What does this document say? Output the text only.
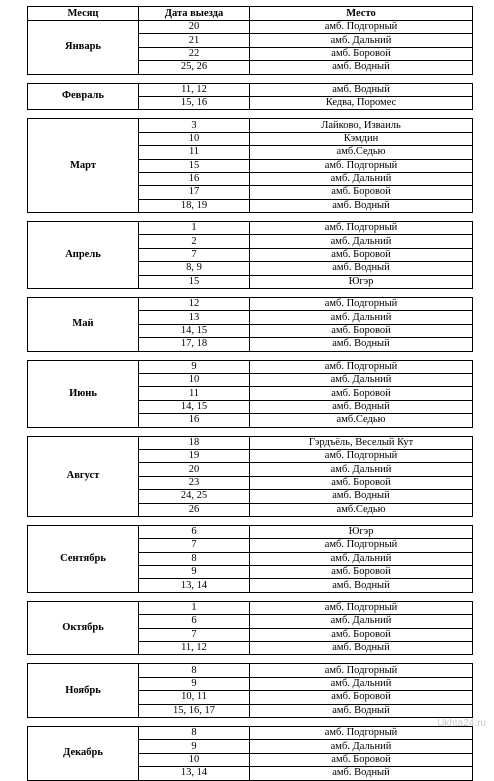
Месяц	Дата выезда	Место
Январь	20	амб. Подгорный
	21	амб. Дальний
	22	амб. Боровой
	25, 26	амб. Водный

Февраль	11, 12	амб. Водный
	15, 16	Кедва, Поромес

Март	3	Лайково, Изваиль
	10	Кэмдин
	11	амб.Седью
	15	амб. Подгорный
	16	амб. Дальний
	17	амб. Боровой
	18, 19	амб. Водный

Апрель	1	амб. Подгорный
	2	амб. Дальний
	7	амб. Боровой
	8, 9	амб. Водный
	15	Югэр

Май	12	амб. Подгорный
	13	амб. Дальний
	14, 15	амб. Боровой
	17, 18	амб. Водный

Июнь	9	амб. Подгорный
	10	амб. Дальний
	11	амб. Боровой
	14, 15	амб. Водный
	16	амб.Седью

Август	18	Гэрдъёль, Веселый Кут
	19	амб. Подгорный
	20	амб. Дальний
	23	амб. Боровой
	24, 25	амб. Водный
	26	амб.Седью

Сентябрь	6	Югэр
	7	амб. Подгорный
	8	амб. Дальний
	9	амб. Боровой
	13, 14	амб. Водный

Октябрь	1	амб. Подгорный
	6	амб. Дальний
	7	амб. Боровой
	11, 12	амб. Водный

Ноябрь	8	амб. Подгорный
	9	амб. Дальний
	10, 11	амб. Боровой
	15, 16, 17	амб. Водный

Декабрь	8	амб. Подгорный
	9	амб. Дальний
	10	амб. Боровой
	13, 14	амб. Водный
Ukhta24.ru
